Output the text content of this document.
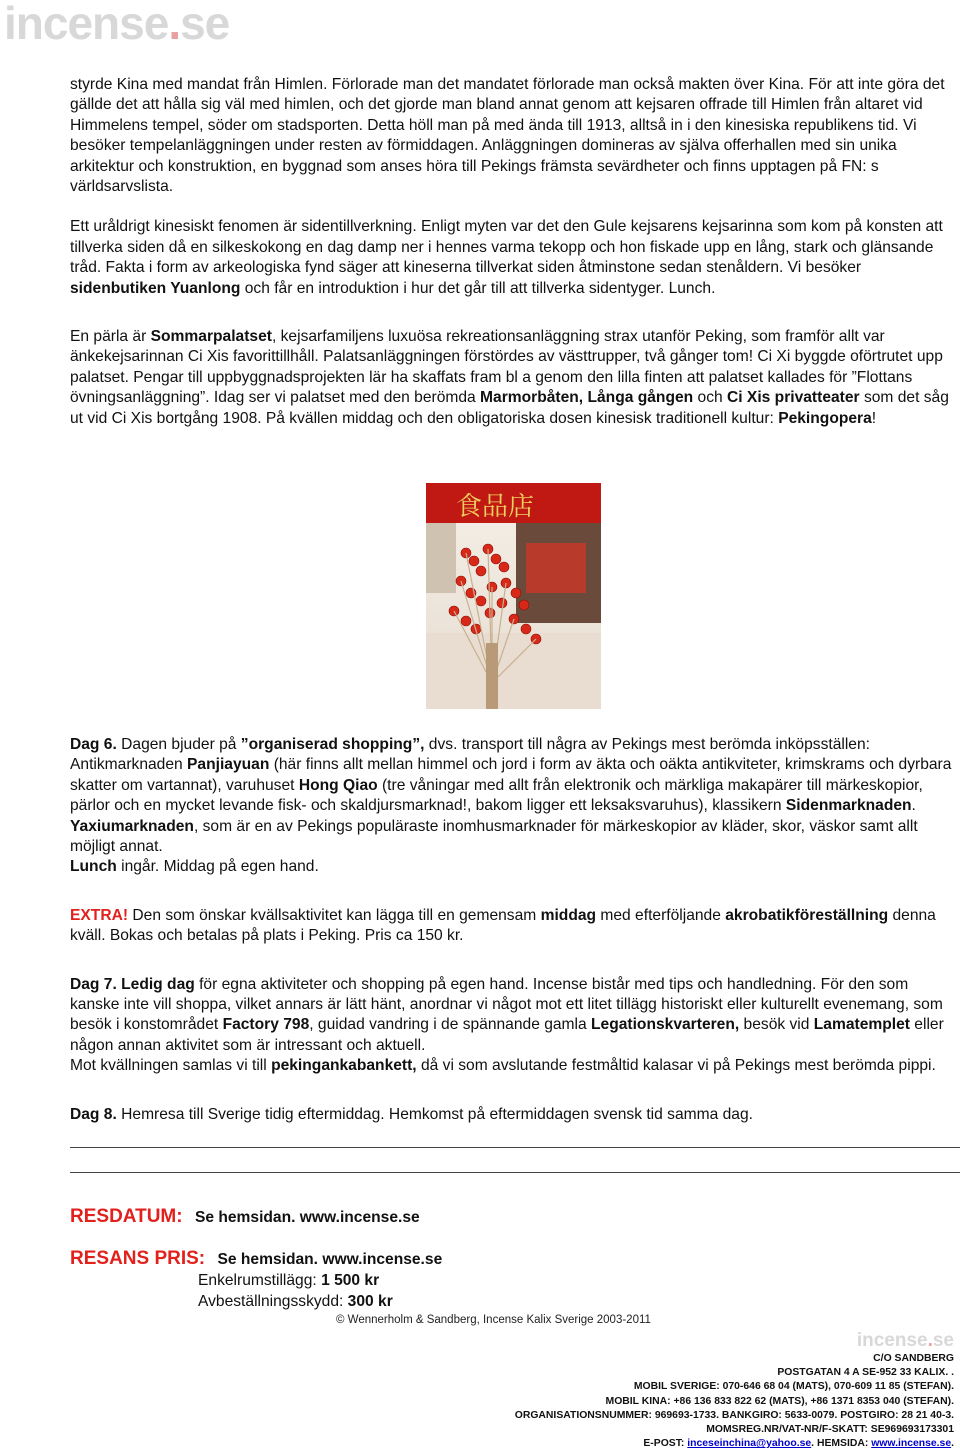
incense.se

styrde Kina med mandat från Himlen. Förlorade man det mandatet förlorade man också makten över Kina. För att inte göra det gällde det att hålla sig väl med himlen, och det gjorde man bland annat genom att kejsaren offrade till Himlen från altaret vid Himmelens tempel, söder om stadsporten. Detta höll man på med ända till 1913, alltså in i den kinesiska republikens tid. Vi besöker tempelanläggningen under resten av förmiddagen. Anläggningen domineras av själva offerhallen med sin unika arkitektur och konstruktion, en byggnad som anses höra till Pekings främsta sevärdheter och finns upptagen på FN: s världsarvslista.

Ett uråldrigt kinesiskt fenomen är sidentillverkning. Enligt myten var det den Gule kejsarens kejsarinna som kom på konsten att tillverka siden då en silkeskokong en dag damp ner i hennes varma tekopp och hon fiskade upp en lång, stark och glänsande tråd. Fakta i form av arkeologiska fynd säger att kineserna tillverkat siden åtminstone sedan stenåldern. Vi besöker sidenbutiken Yuanlong och får en introduktion i hur det går till att tillverka sidentyger. Lunch.

En pärla är Sommarpalatset, kejsarfamiljens luxuösa rekreationsanläggning strax utanför Peking, som framför allt var änkekejsarinnan Ci Xis favorittillhåll. Palatsanläggningen förstördes av västtrupper, två gånger tom! Ci Xi byggde oförtrutet upp palatset. Pengar till uppbyggnadsprojekten lär ha skaffats fram bl a genom den lilla finten att palatset kallades för ”Flottans övningsanläggning”. Idag ser vi palatset med den berömda Marmorbåten, Långa gången och Ci Xis privatteater som det såg ut vid Ci Xis bortgång 1908. På kvällen middag och den obligatoriska dosen kinesisk traditionell kultur: Pekingopera!

食品店

Dag 6. Dagen bjuder på ”organiserad shopping”, dvs. transport till några av Pekings mest berömda inköpsställen: Antikmarknaden Panjiayuan (här finns allt mellan himmel och jord i form av äkta och oäkta antikviteter, krimskrams och dyrbara skatter om vartannat), varuhuset Hong Qiao (tre våningar med allt från elektronik och märkliga makapärer till märkeskopior, pärlor och en mycket levande fisk- och skaldjursmarknad!, bakom ligger ett leksaksvaruhus), klassikern Sidenmarknaden. Yaxiumarknaden, som är en av Pekings populäraste inomhusmarknader för märkeskopior av kläder, skor, väskor samt allt möjligt annat.
Lunch ingår. Middag på egen hand.

EXTRA! Den som önskar kvällsaktivitet kan lägga till en gemensam middag med efterföljande akrobatikföreställning denna kväll. Bokas och betalas på plats i Peking. Pris ca 150 kr.

Dag 7. Ledig dag för egna aktiviteter och shopping på egen hand. Incense bistår med tips och handledning. För den som kanske inte vill shoppa, vilket annars är lätt hänt, anordnar vi något mot ett litet tillägg historiskt eller kulturellt evenemang, som besök i konstområdet Factory 798, guidad vandring i de spännande gamla Legationskvarteren, besök vid Lamatemplet eller någon annan aktivitet som är intressant och aktuell.
Mot kvällningen samlas vi till pekingankabankett, då vi som avslutande festmåltid kalasar vi på Pekings mest berömda pippi.

Dag 8. Hemresa till Sverige tidig eftermiddag. Hemkomst på eftermiddagen svensk tid samma dag.

RESDATUM: Se hemsidan. www.incense.se
RESANS PRIS: Se hemsidan. www.incense.se
Enkelrumstillägg: 1 500 kr
Avbeställningsskydd: 300 kr
© Wennerholm & Sandberg, Incense Kalix Sverige 2003-2011
incense.se
C/O SANDBERG
POSTGATAN 4 A SE-952 33 KALIX. .
MOBIL SVERIGE: 070-646 68 04 (MATS), 070-609 11 85 (STEFAN).
MOBIL KINA: +86 136 833 822 62 (MATS), +86 1371 8353 040 (STEFAN).
ORGANISATIONSNUMMER: 969693-1733. BANKGIRO: 5633-0079. POSTGIRO: 28 21 40-3.
MOMSREG.NR/VAT-NR/F-SKATT: SE969693173301
E-POST: inceseinchina@yahoo.se. HEMSIDA: www.incense.se.
